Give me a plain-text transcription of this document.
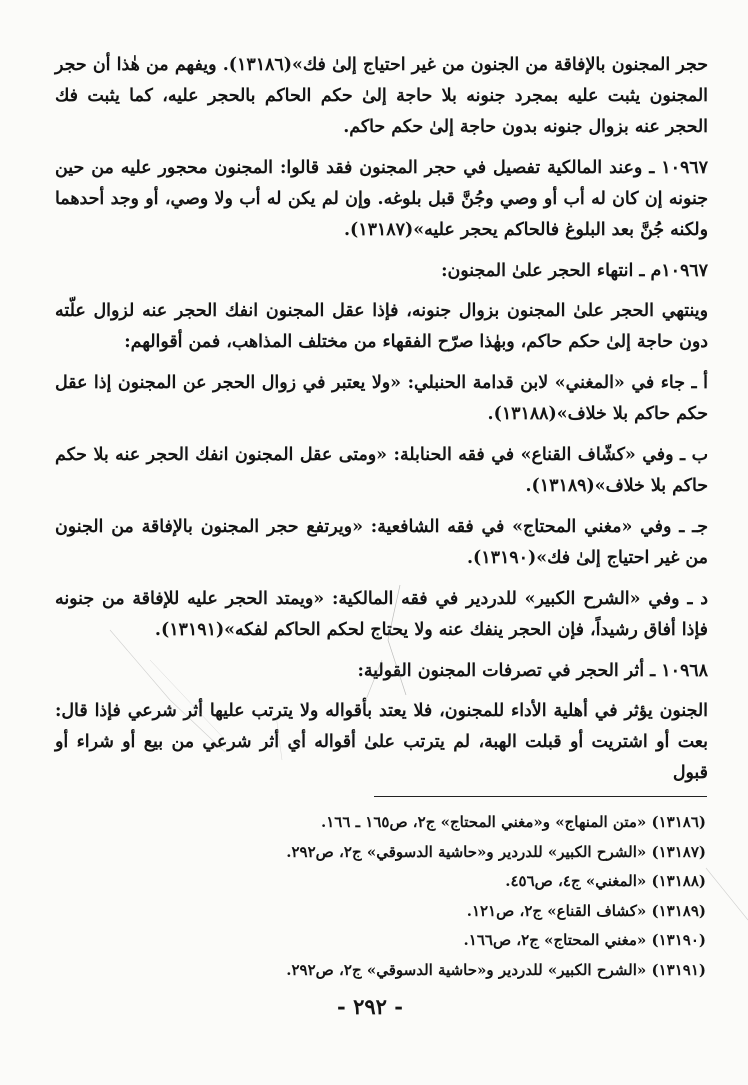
حجر المجنون بالإفاقة من الجنون من غير احتياج إلىٰ فك»(١٣١٨٦). ويفهم من هٰذا أن حجر المجنون يثبت عليه بمجرد جنونه بلا حاجة إلىٰ حكم الحاكم بالحجر عليه، كما يثبت فك الحجر عنه بزوال جنونه بدون حاجة إلىٰ حكم حاكم.

١٠٩٦٧ ـ وعند المالكية تفصيل في حجر المجنون فقد قالوا: المجنون محجور عليه من حين جنونه إن كان له أب أو وصي وجُنَّ قبل بلوغه. وإن لم يكن له أب ولا وصي، أو وجد أحدهما ولكنه جُنَّ بعد البلوغ فالحاكم يحجر عليه»(١٣١٨٧).

١٠٩٦٧م ـ انتهاء الحجر علىٰ المجنون:

وينتهي الحجر علىٰ المجنون بزوال جنونه، فإذا عقل المجنون انفك الحجر عنه لزوال علّته دون حاجة إلىٰ حكم حاكم، وبهٰذا صرّح الفقهاء من مختلف المذاهب، فمن أقوالهم:

أ ـ جاء في «المغني» لابن قدامة الحنبلي: «ولا يعتبر في زوال الحجر عن المجنون إذا عقل حكم حاكم بلا خلاف»(١٣١٨٨).

ب ـ وفي «كشّاف القناع» في فقه الحنابلة: «ومتى عقل المجنون انفك الحجر عنه بلا حكم حاكم بلا خلاف»(١٣١٨٩).

جـ ـ وفي «مغني المحتاج» في فقه الشافعية: «ويرتفع حجر المجنون بالإفاقة من الجنون من غير احتياج إلىٰ فك»(١٣١٩٠).

د ـ وفي «الشرح الكبير» للدردير في فقه المالكية: «ويمتد الحجر عليه للإفاقة من جنونه فإذا أفاق رشيداً، فإن الحجر ينفك عنه ولا يحتاج لحكم الحاكم لفكه»(١٣١٩١).

١٠٩٦٨ ـ أثر الحجر في تصرفات المجنون القولية:

الجنون يؤثر في أهلية الأداء للمجنون، فلا يعتد بأقواله ولا يترتب عليها أثر شرعي فإذا قال: بعت أو اشتريت أو قبلت الهبة، لم يترتب علىٰ أقواله أي أثر شرعي من بيع أو شراء أو قبول

(١٣١٨٦) «متن المنهاج» و«مغني المحتاج» ج٢، ص١٦٥ ـ ١٦٦.
(١٣١٨٧) «الشرح الكبير» للدردير و«حاشية الدسوقي» ج٢، ص٢٩٢.
(١٣١٨٨) «المغني» ج٤، ص٤٥٦.
(١٣١٨٩) «كشاف القناع» ج٢، ص١٢١.
(١٣١٩٠) «مغني المحتاج» ج٢، ص١٦٦.
(١٣١٩١) «الشرح الكبير» للدردير و«حاشية الدسوقي» ج٢، ص٢٩٢.
- ٢٩٢ -
